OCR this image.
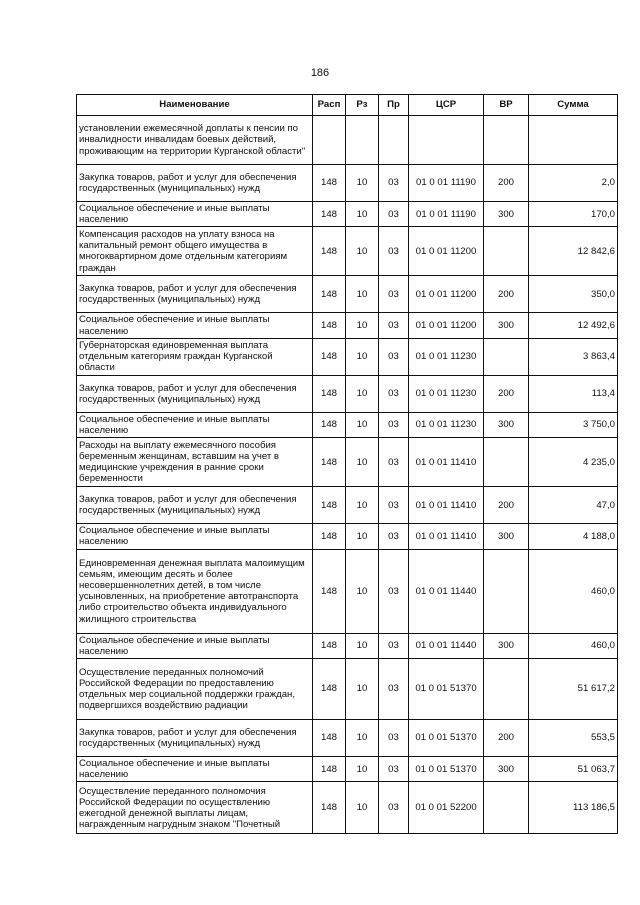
186
Наименование	Расп	Рз	Пр	ЦСР	ВР	Сумма
установлении ежемесячной доплаты к пенсии по инвалидности инвалидам боевых действий, проживающим на территории Курганской области"						
Закупка товаров, работ и услуг для обеспечения государственных (муниципальных) нужд	148	10	03	01 0 01 11190	200	2,0
Социальное обеспечение и иные выплаты населению	148	10	03	01 0 01 11190	300	170,0
Компенсация расходов на уплату взноса на капитальный ремонт общего имущества в многоквартирном доме отдельным категориям граждан	148	10	03	01 0 01 11200		12 842,6
Закупка товаров, работ и услуг для обеспечения государственных (муниципальных) нужд	148	10	03	01 0 01 11200	200	350,0
Социальное обеспечение и иные выплаты населению	148	10	03	01 0 01 11200	300	12 492,6
Губернаторская единовременная выплата отдельным категориям граждан Курганской области	148	10	03	01 0 01 11230		3 863,4
Закупка товаров, работ и услуг для обеспечения государственных (муниципальных) нужд	148	10	03	01 0 01 11230	200	113,4
Социальное обеспечение и иные выплаты населению	148	10	03	01 0 01 11230	300	3 750,0
Расходы на выплату ежемесячного пособия беременным женщинам, вставшим на учет в медицинские учреждения в ранние сроки беременности	148	10	03	01 0 01 11410		4 235,0
Закупка товаров, работ и услуг для обеспечения государственных (муниципальных) нужд	148	10	03	01 0 01 11410	200	47,0
Социальное обеспечение и иные выплаты населению	148	10	03	01 0 01 11410	300	4 188,0
Единовременная денежная выплата малоимущим семьям, имеющим десять и более несовершеннолетних детей, в том числе усыновленных, на приобретение автотранспорта либо строительство объекта индивидуального жилищного строительства	148	10	03	01 0 01 11440		460,0
Социальное обеспечение и иные выплаты населению	148	10	03	01 0 01 11440	300	460,0
Осуществление переданных полномочий Российской Федерации по предоставлению отдельных мер социальной поддержки граждан, подвергшихся воздействию радиации	148	10	03	01 0 01 51370		51 617,2
Закупка товаров, работ и услуг для обеспечения государственных (муниципальных) нужд	148	10	03	01 0 01 51370	200	553,5
Социальное обеспечение и иные выплаты населению	148	10	03	01 0 01 51370	300	51 063,7
Осуществление переданного полномочия Российской Федерации по осуществлению ежегодной денежной выплаты лицам, награжденным нагрудным знаком "Почетный	148	10	03	01 0 01 52200		113 186,5
